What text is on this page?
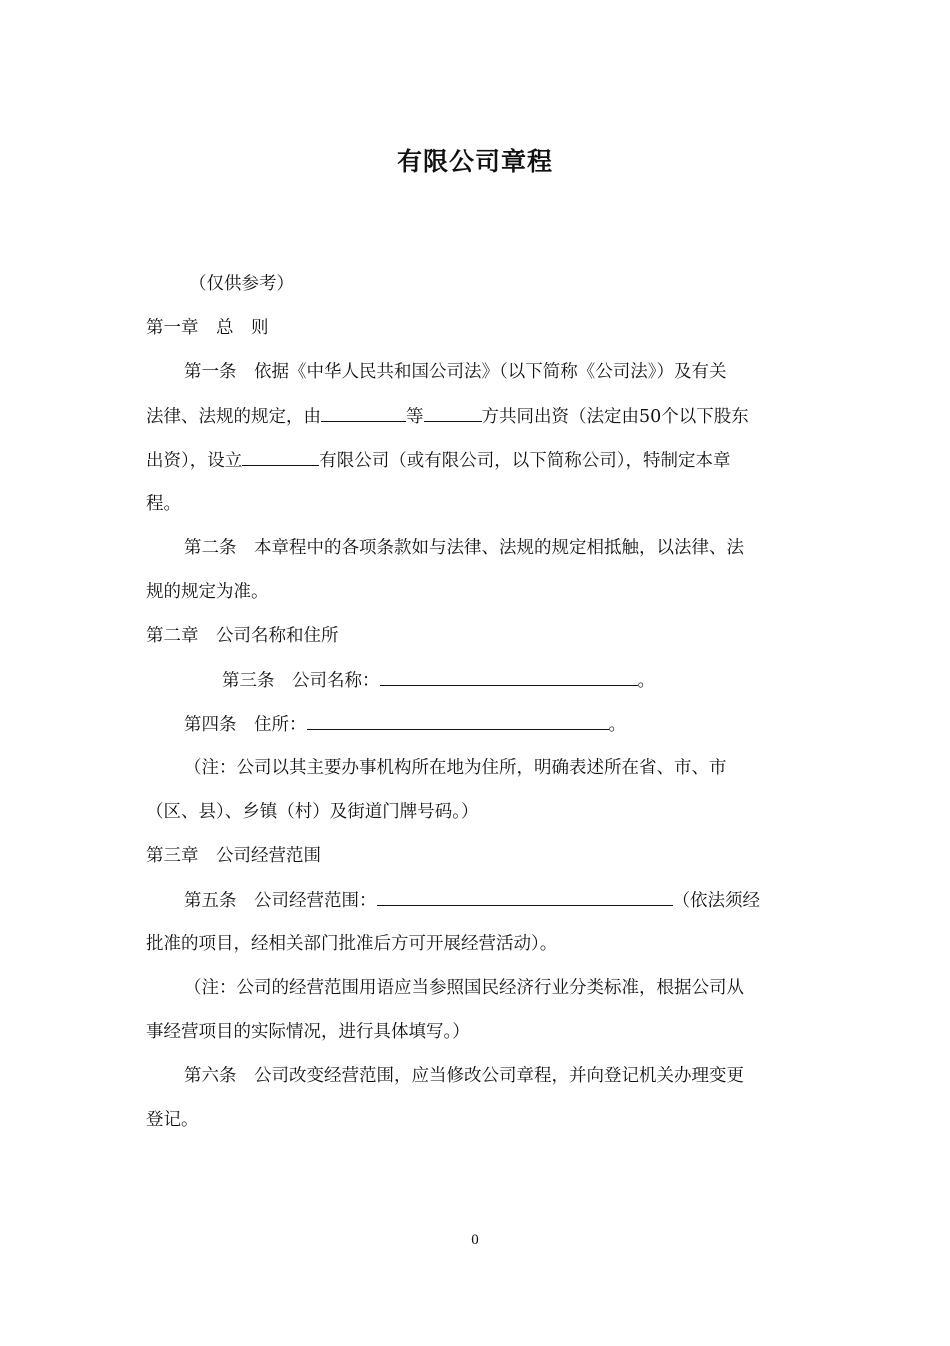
有限公司章程
（仅供参考）
第一章　总　则
第一条　依据《中华人民共和国公司法》（以下简称《公司法》）及有关
法律、法规的规定，由	等	方共同出资（法定由50个以下股东
出资），设立	有限公司（或有限公司，以下简称公司），特制定本章
程。
第二条　本章程中的各项条款如与法律、法规的规定相抵触，以法律、法
规的规定为准。
第二章　公司名称和住所
第三条　公司名称：	。
第四条　住所：	。
（注：公司以其主要办事机构所在地为住所，明确表述所在省、市、市
（区、县）、乡镇（村）及街道门牌号码。）
第三章　公司经营范围
第五条　公司经营范围：	（依法须经
批准的项目，经相关部门批准后方可开展经营活动）。
（注：公司的经营范围用语应当参照国民经济行业分类标准，根据公司从
事经营项目的实际情况，进行具体填写。）
第六条　公司改变经营范围，应当修改公司章程，并向登记机关办理变更
登记。
0
